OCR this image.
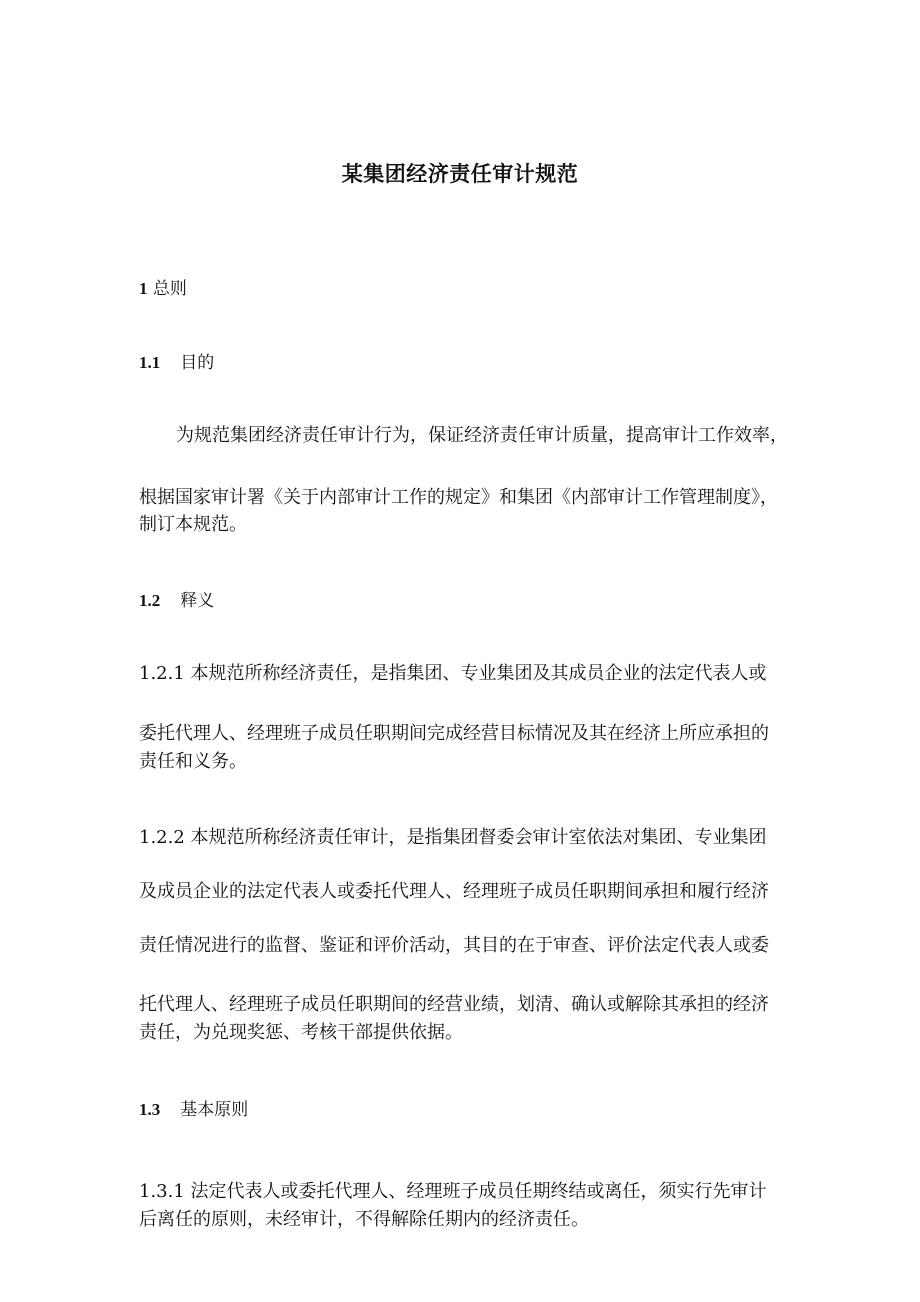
某集团经济责任审计规范
1 总则
1.1 目的

为规范集团经济责任审计行为，保证经济责任审计质量，提高审计工作效率，

根据国家审计署《关于内部审计工作的规定》和集团《内部审计工作管理制度》，

制订本规范。

1.2 释义

1.2.1 本规范所称经济责任，是指集团、专业集团及其成员企业的法定代表人或

委托代理人、经理班子成员任职期间完成经营目标情况及其在经济上所应承担的

责任和义务。

1.2.2 本规范所称经济责任审计，是指集团督委会审计室依法对集团、专业集团

及成员企业的法定代表人或委托代理人、经理班子成员任职期间承担和履行经济

责任情况进行的监督、鉴证和评价活动，其目的在于审查、评价法定代表人或委

托代理人、经理班子成员任职期间的经营业绩，划清、确认或解除其承担的经济

责任，为兑现奖惩、考核干部提供依据。

1.3 基本原则

1.3.1 法定代表人或委托代理人、经理班子成员任期终结或离任，须实行先审计

后离任的原则，未经审计，不得解除任期内的经济责任。
